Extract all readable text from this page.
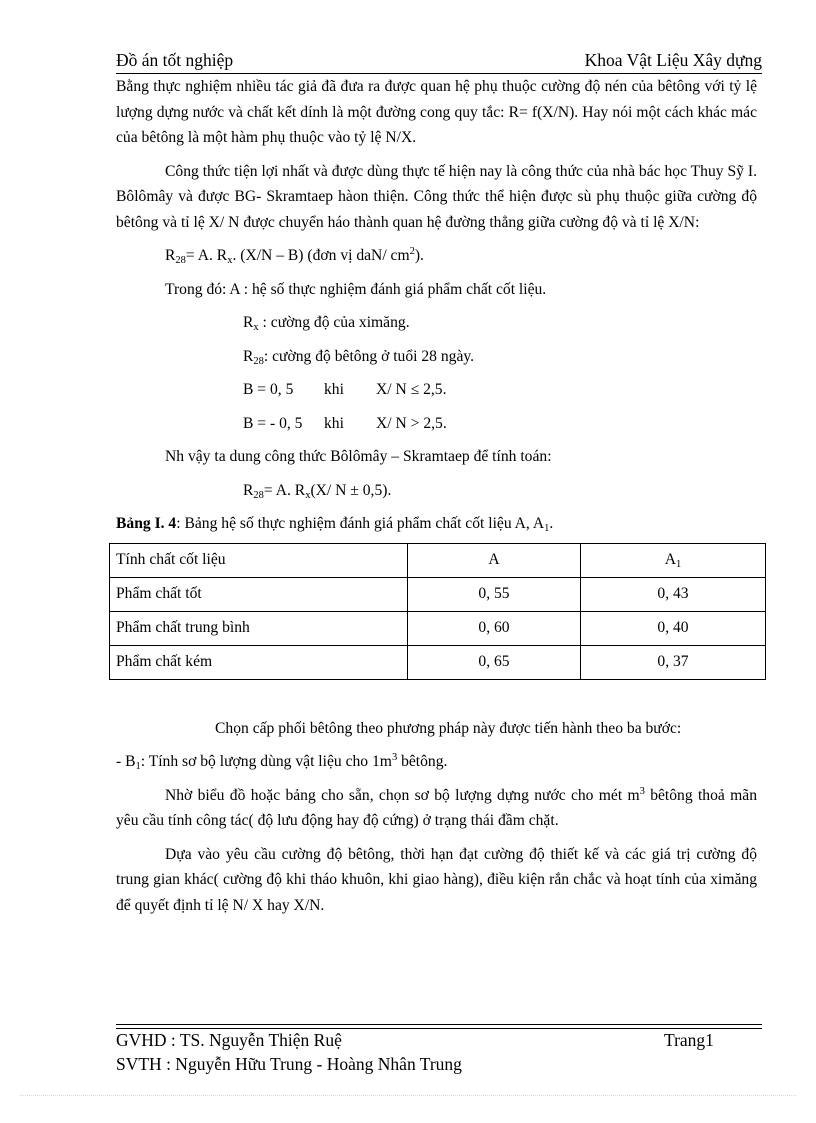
Đồ án tốt nghiệp	Khoa Vật Liệu Xây dựng

Bằng thực nghiệm nhiều tác giả đã đưa ra được quan hệ phụ thuộc cường độ nén của bêtông với tỷ lệ lượng dựng nước và chất kết dính là một đường cong quy tắc: R= f(X/N). Hay nói một cách khác mác của bêtông là một hàm phụ thuộc vào tỷ lệ N/X.

Công thức tiện lợi nhất và được dùng thực tế hiện nay là công thức của nhà bác học Thuy Sỹ I. Bôlômây và được BG- Skramtaep hàon thiện. Công thức thể hiện được sù phụ thuộc giữa cường độ bêtông và tỉ lệ X/ N được chuyển háo thành quan hệ đường thẳng giữa cường độ và tỉ lệ X/N:

$R_{28}= A$. $R_x$. (X/N – B) (đơn vị daN/ $cm^2$).

Trong đó: A : hệ số thực nghiệm đánh giá phẩm chất cốt liệu.

$R_x$ : cường độ của ximăng.

$R_{28}$: cường độ bêtông ở tuổi 28 ngày.

B = 0, 5 khi X/ N ≤ 2,5.

B = - 0, 5 khi X/ N > 2,5.

Nh vậy ta dung công thức Bôlômây – Skramtaep để tính toán:

$R_{28}= A$. $R_x(X/$ N ± 0,5).

Bảng I. 4: Bảng hệ số thực nghiệm đánh giá phẩm chất cốt liệu A, $A_1$.

Tính chất cốt liệu	A	$A_1$
Phẩm chất tốt	0, 55	0, 43
Phẩm chất trung bình	0, 60	0, 40
Phẩm chất kém	0, 65	0, 37

Chọn cấp phối bêtông theo phương pháp này được tiến hành theo ba bước:

- $B_1$: Tính sơ bộ lượng dùng vật liệu cho $1m^3$ bêtông.

Nhờ biểu đồ hoặc bảng cho sẵn, chọn sơ bộ lượng dựng nước cho mét $m^3$ bêtông thoả mãn yêu cầu tính công tác( độ lưu động hay độ cứng) ở trạng thái đầm chặt.

Dựa vào yêu cầu cường độ bêtông, thời hạn đạt cường độ thiết kế và các giá trị cường độ trung gian khác( cường độ khi tháo khuôn, khi giao hàng), điều kiện rắn chắc và hoạt tính của ximăng để quyết định tỉ lệ N/ X hay X/N.

GVHD : TS. Nguyễn Thiện Ruệ	Trang1
SVTH : Nguyễn Hữu Trung - Hoàng Nhân Trung
